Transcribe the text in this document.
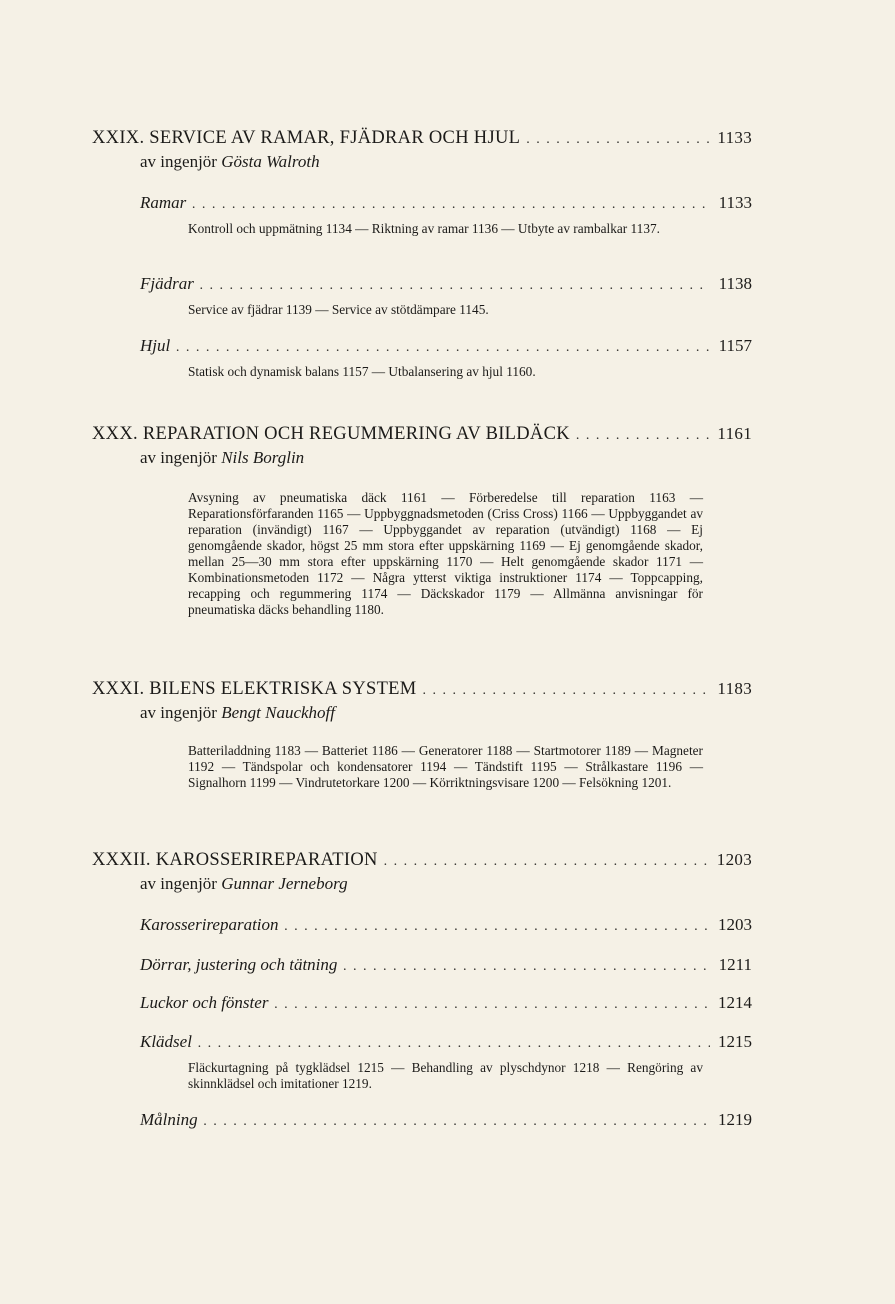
XXIX. SERVICE AV RAMAR, FJÄDRAR OCH HJUL . . .	1133
av ingenjör Gösta Walroth
Ramar . . .	1133
Kontroll och uppmätning 1134 — Riktning av ramar 1136 — Utbyte av rambalkar 1137.
Fjädrar . . .	1138
Service av fjädrar 1139 — Service av stötdämpare 1145.
Hjul . . .	1157
Statisk och dynamisk balans 1157 — Utbalansering av hjul 1160.
XXX. REPARATION OCH REGUMMERING AV BILDÄCK . . .	1161
av ingenjör Nils Borglin
Avsyning av pneumatiska däck 1161 — Förberedelse till reparation 1163 — Reparationsförfaranden 1165 — Uppbyggnadsmetoden (Criss Cross) 1166 — Uppbyggandet av reparation (invändigt) 1167 — Uppbyggandet av reparation (utvändigt) 1168 — Ej genomgående skador, högst 25 mm stora efter uppskärning 1169 — Ej genomgående skador, mellan 25—30 mm stora efter uppskärning 1170 — Helt genomgående skador 1171 — Kombinationsmetoden 1172 — Några ytterst viktiga instruktioner 1174 — Toppcapping, recapping och regummering 1174 — Däckskador 1179 — Allmänna anvisningar för pneumatiska däcks behandling 1180.
XXXI. BILENS ELEKTRISKA SYSTEM . . .	1183
av ingenjör Bengt Nauckhoff
Batteriladdning 1183 — Batteriet 1186 — Generatorer 1188 — Startmotorer 1189 — Magneter 1192 — Tändspolar och kondensatorer 1194 — Tändstift 1195 — Strålkastare 1196 — Signalhorn 1199 — Vindrutetorkare 1200 — Körriktningsvisare 1200 — Felsökning 1201.
XXXII. KAROSSERIREPARATION . . .	1203
av ingenjör Gunnar Jerneborg
Karosserireparation . . .	1203
Dörrar, justering och tätning . . .	1211
Luckor och fönster . . .	1214
Klädsel . . .	1215
Fläckurtagning på tygklädsel 1215 — Behandling av plyschdynor 1218 — Rengöring av skinnklädsel och imitationer 1219.
Målning . . .	1219
